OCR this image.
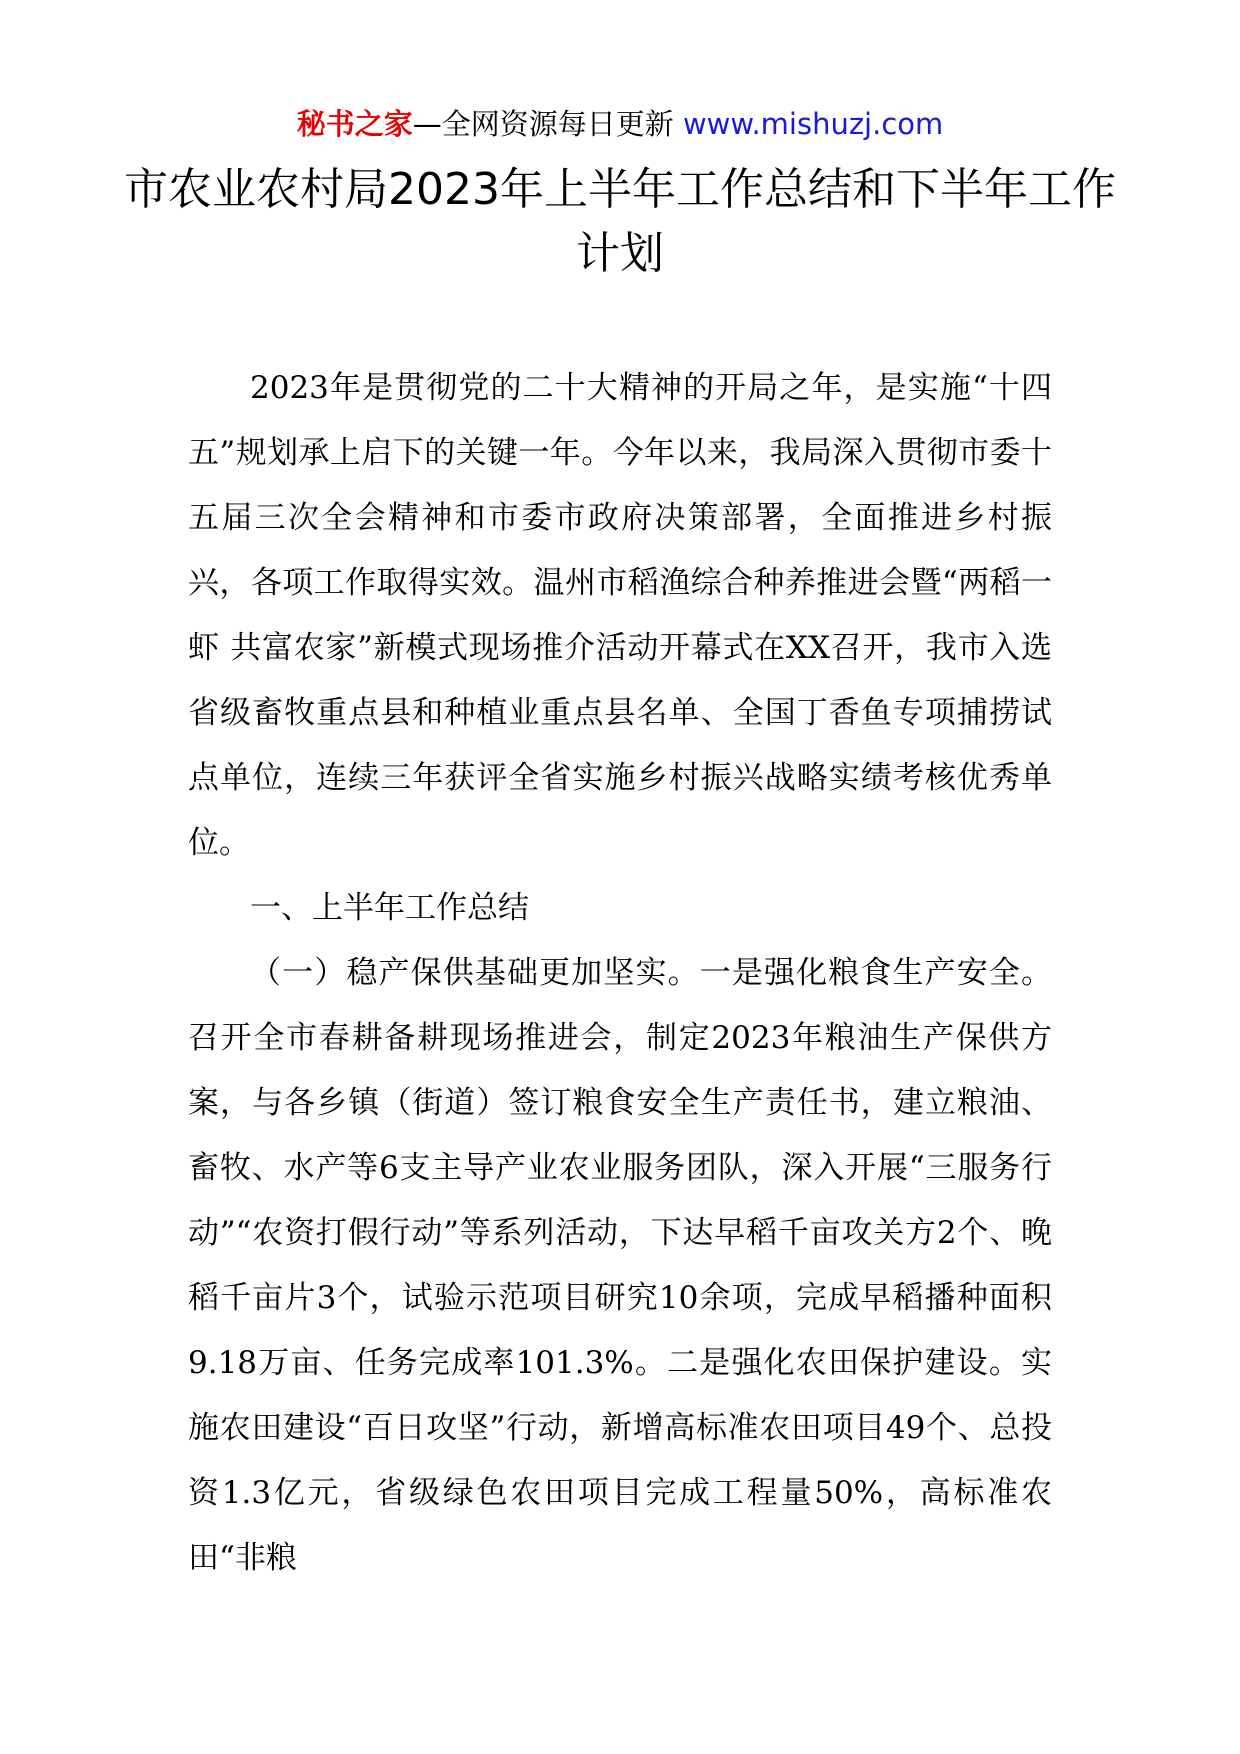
秘书之家—全网资源每日更新 www.mishuzj.com
市农业农村局2023年上半年工作总结和下半年工作计划

2023年是贯彻党的二十大精神的开局之年，是实施“十四五”规划承上启下的关键一年。今年以来，我局深入贯彻市委十五届三次全会精神和市委市政府决策部署，全面推进乡村振兴，各项工作取得实效。温州市稻渔综合种养推进会暨“两稻一虾 共富农家”新模式现场推介活动开幕式在XX召开，我市入选省级畜牧重点县和种植业重点县名单、全国丁香鱼专项捕捞试点单位，连续三年获评全省实施乡村振兴战略实绩考核优秀单位。

一、上半年工作总结

（一）稳产保供基础更加坚实。一是强化粮食生产安全。召开全市春耕备耕现场推进会，制定2023年粮油生产保供方案，与各乡镇（街道）签订粮食安全生产责任书，建立粮油、畜牧、水产等6支主导产业农业服务团队，深入开展“三服务行动”“农资打假行动”等系列活动，下达早稻千亩攻关方2个、晚稻千亩片3个，试验示范项目研究10余项，完成早稻播种面积9.18万亩、任务完成率101.3%。二是强化农田保护建设。实施农田建设“百日攻坚”行动，新增高标准农田项目49个、总投资1.3亿元，省级绿色农田项目完成工程量50%，高标准农田“非粮
